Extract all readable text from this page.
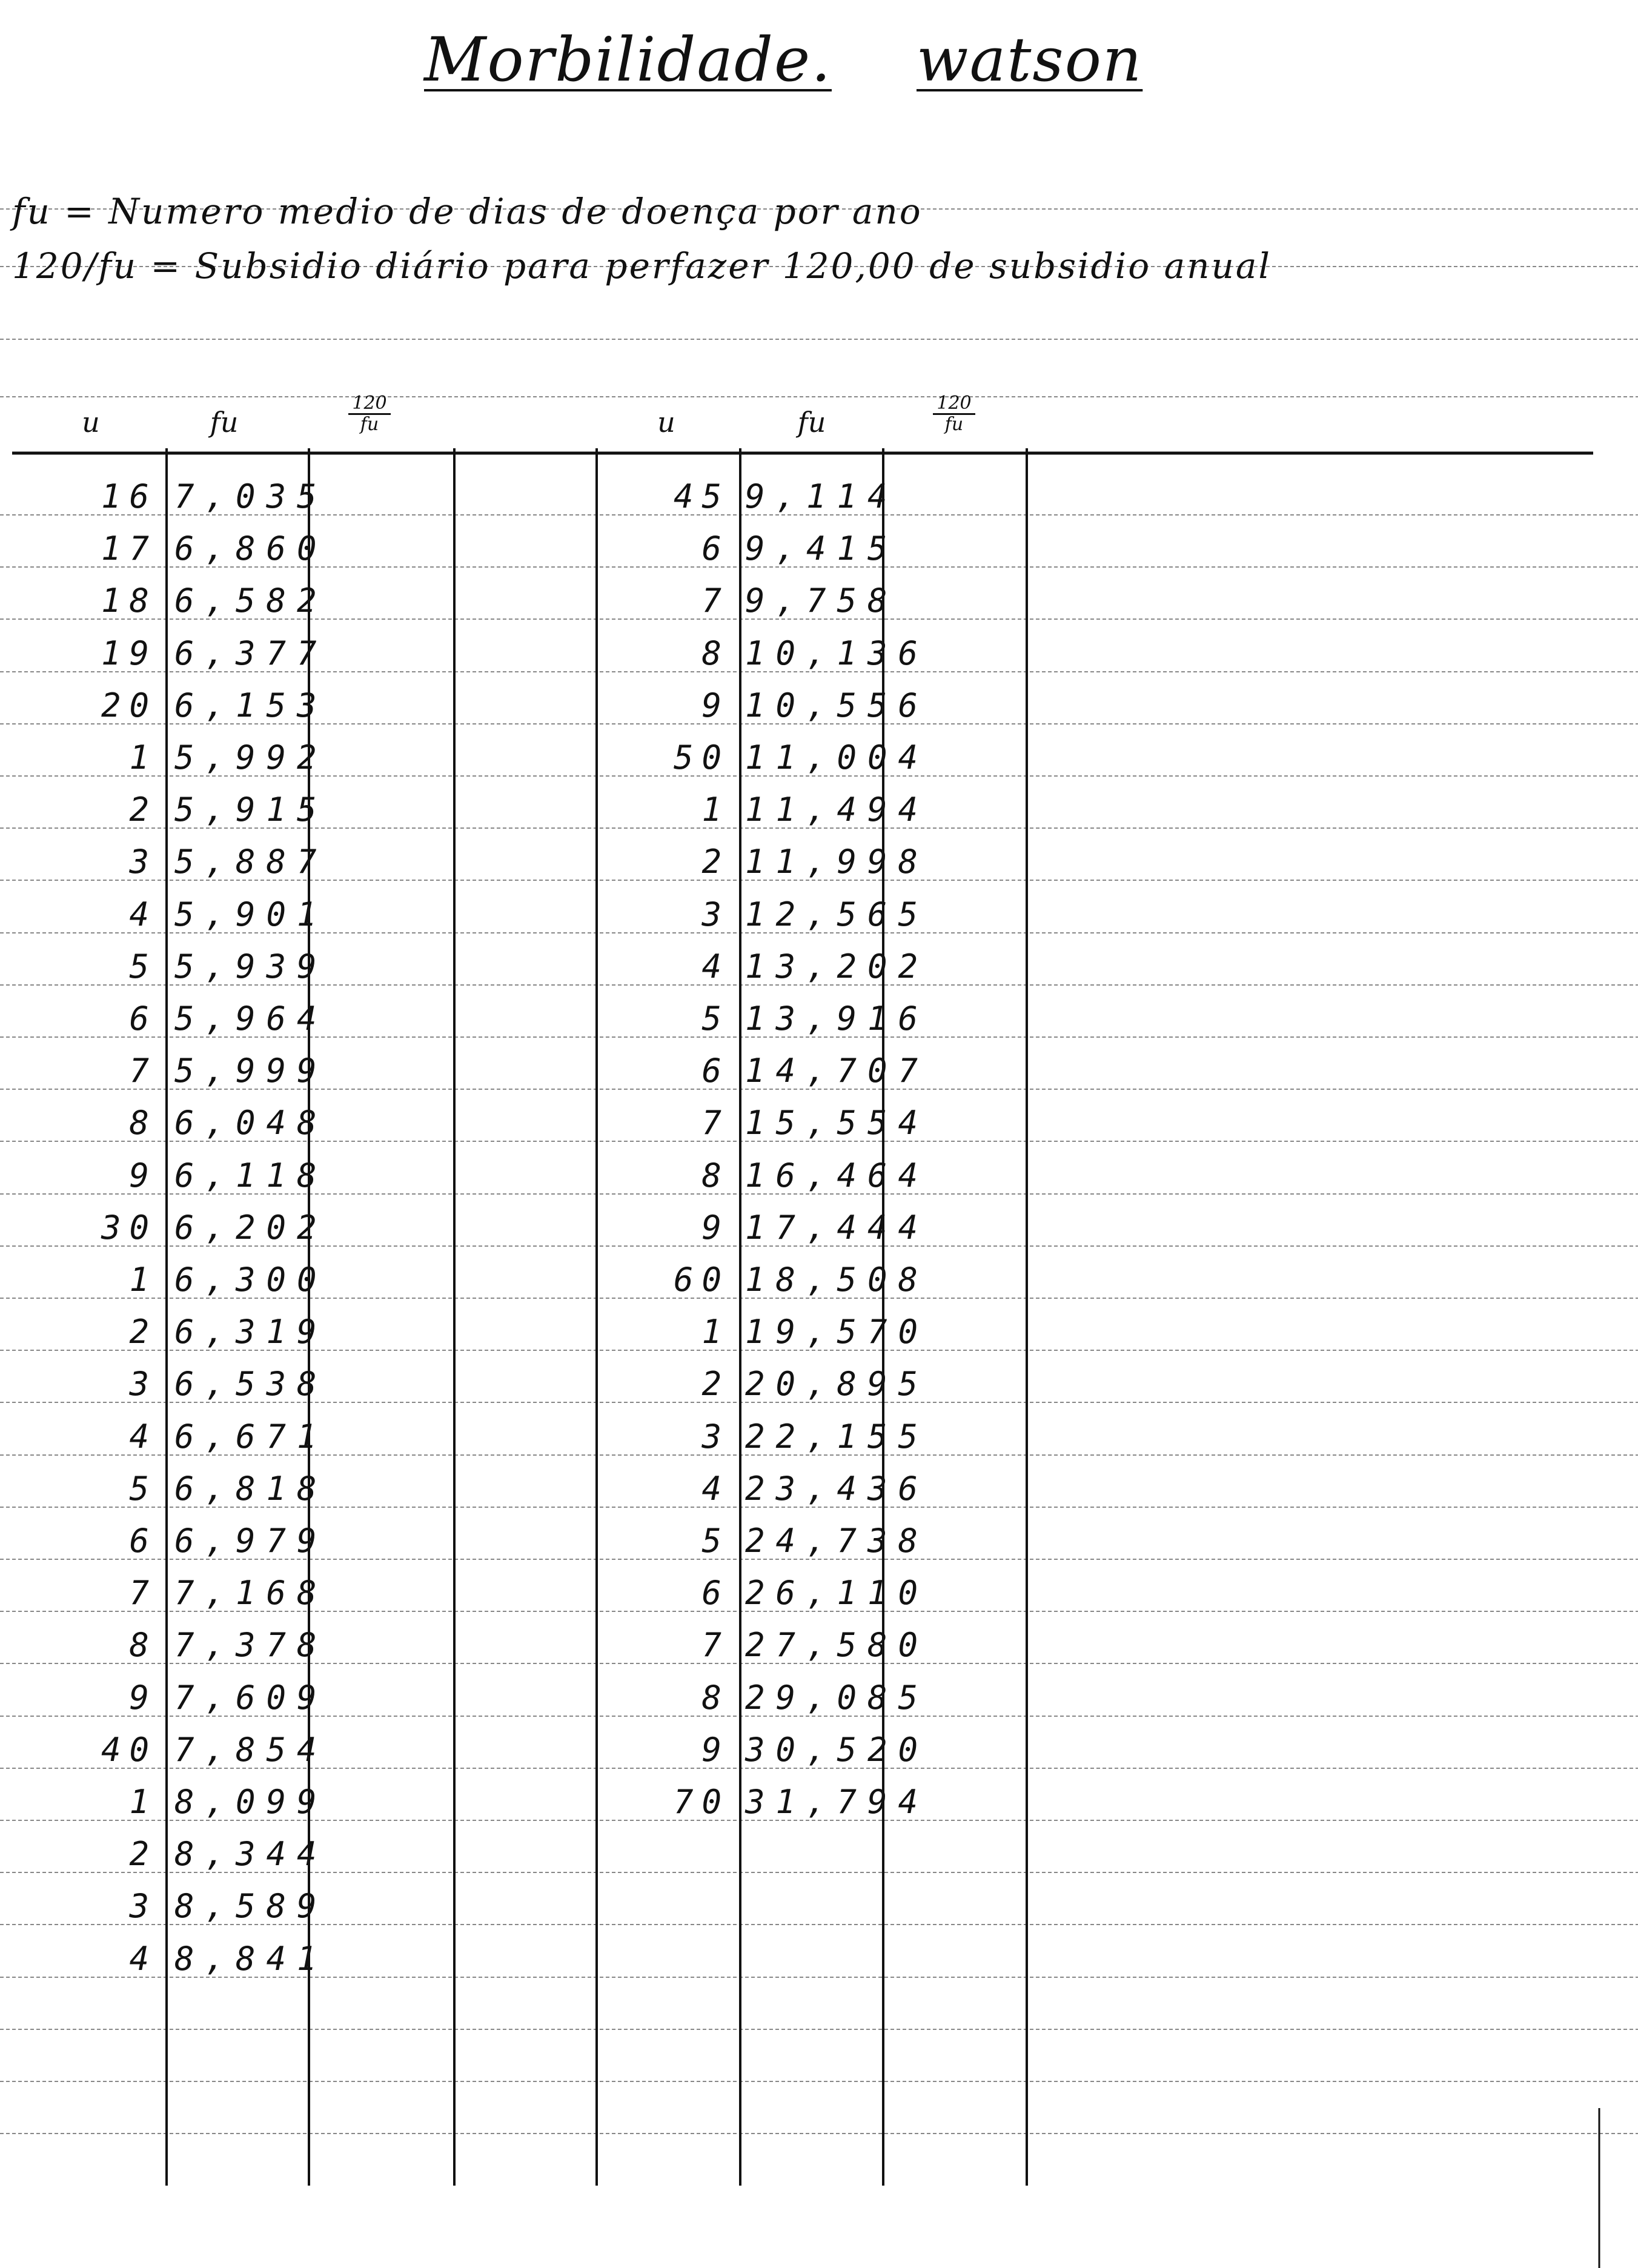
Morbilidade. watson
fu = Numero medio de dias de doença por ano
120/fu = Subsidio diário para perfazer 120,00 de subsidio anual
u	fu	$\frac{120}{fu}$	u	fu	$\frac{120}{fu}$
16 7,035
17 6,860
18 6,582
19 6,377
20 6,153
1 5,992
2 5,915
3 5,887
4 5,901
5 5,939
6 5,964
7 5,999
8 6,048
9 6,118
30 6,202
1 6,300
2 6,319
3 6,538
4 6,671
5 6,818
6 6,979
7 7,168
8 7,378
9 7,609
40 7,854
1 8,099
2 8,344
3 8,589
4 8,841
45 9,114
6 9,415
7 9,758
8 10,136
9 10,556
50 11,004
1 11,494
2 11,998
3 12,565
4 13,202
5 13,916
6 14,707
7 15,554
8 16,464
9 17,444
60 18,508
1 19,570
2 20,895
3 22,155
4 23,436
5 24,738
6 26,110
7 27,580
8 29,085
9 30,520
70 31,794
